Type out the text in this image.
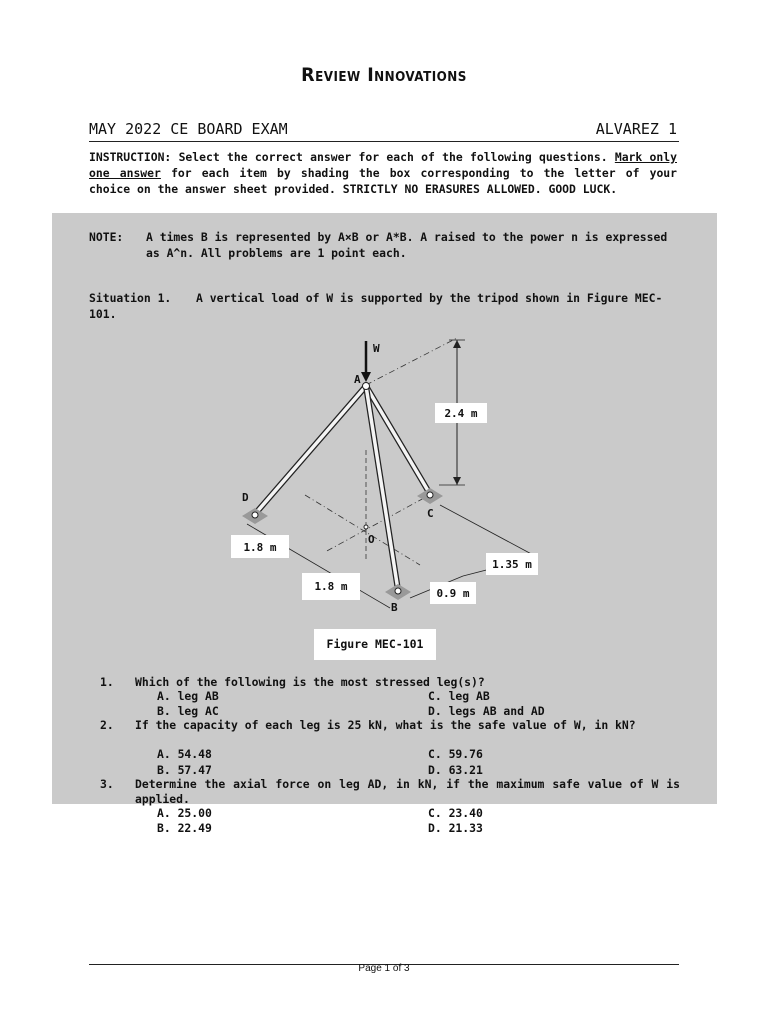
Review Innovations
MAY 2022 CE BOARD EXAM	ALVAREZ 1
INSTRUCTION: Select the correct answer for each of the following questions. Mark only one answer for each item by shading the box corresponding to the letter of your choice on the answer sheet provided. STRICTLY NO ERASURES ALLOWED. GOOD LUCK.
NOTE:	A times B is represented by A×B or A*B. A raised to the power n is expressed as A^n. All problems are 1 point each.
Situation 1.	A vertical load of W is supported by the tripod shown in Figure MEC-101.
2.4 m
1.8 m
1.8 m
1.35 m
0.9 m
W
A
D
C
B
O
Figure MEC-101
1.	Which of the following is the most stressed leg(s)?
A. leg AB	C. leg AB
B. leg AC	D. legs AB and AD
2.	If the capacity of each leg is 25 kN, what is the safe value of W, in kN?
A. 54.48	C. 59.76
B. 57.47	D. 63.21
3.	Determine the axial force on leg AD, in kN, if the maximum safe value of W is applied.
A. 25.00	C. 23.40
B. 22.49	D. 21.33
Page 1 of 3
